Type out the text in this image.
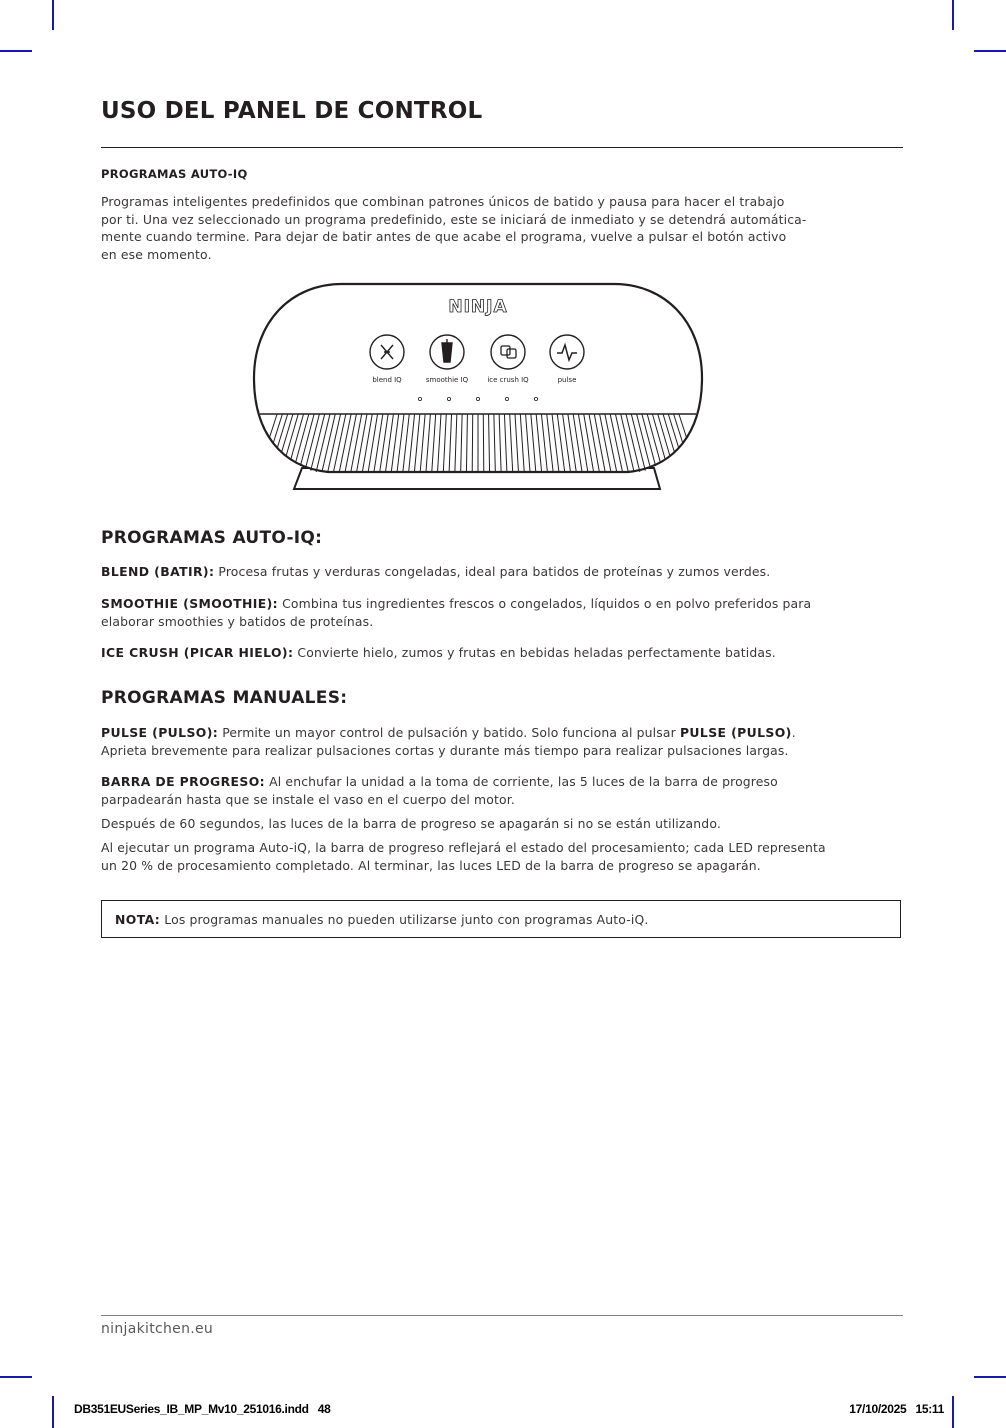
USO DEL PANEL DE CONTROL
PROGRAMAS AUTO-IQ
Programas inteligentes predefinidos que combinan patrones únicos de batido y pausa para hacer el trabajo
por ti. Una vez seleccionado un programa predefinido, este se iniciará de inmediato y se detendrá automática-
mente cuando termine. Para dejar de batir antes de que acabe el programa, vuelve a pulsar el botón activo
en ese momento.
NINJA
blend IQ	smoothie IQ	ice crush IQ	pulse
PROGRAMAS AUTO-IQ:
BLEND (BATIR): Procesa frutas y verduras congeladas, ideal para batidos de proteínas y zumos verdes.
SMOOTHIE (SMOOTHIE): Combina tus ingredientes frescos o congelados, líquidos o en polvo preferidos para
elaborar smoothies y batidos de proteínas.
ICE CRUSH (PICAR HIELO): Convierte hielo, zumos y frutas en bebidas heladas perfectamente batidas.
PROGRAMAS MANUALES:
PULSE (PULSO): Permite un mayor control de pulsación y batido. Solo funciona al pulsar PULSE (PULSO).
Aprieta brevemente para realizar pulsaciones cortas y durante más tiempo para realizar pulsaciones largas.
BARRA DE PROGRESO: Al enchufar la unidad a la toma de corriente, las 5 luces de la barra de progreso
parpadearán hasta que se instale el vaso en el cuerpo del motor.
Después de 60 segundos, las luces de la barra de progreso se apagarán si no se están utilizando.
Al ejecutar un programa Auto-iQ, la barra de progreso reflejará el estado del procesamiento; cada LED representa
un 20 % de procesamiento completado. Al terminar, las luces LED de la barra de progreso se apagarán.
NOTA: Los programas manuales no pueden utilizarse junto con programas Auto-iQ.
ninjakitchen.eu
DB351EUSeries_IB_MP_Mv10_251016.indd   48	17/10/2025   15:11
